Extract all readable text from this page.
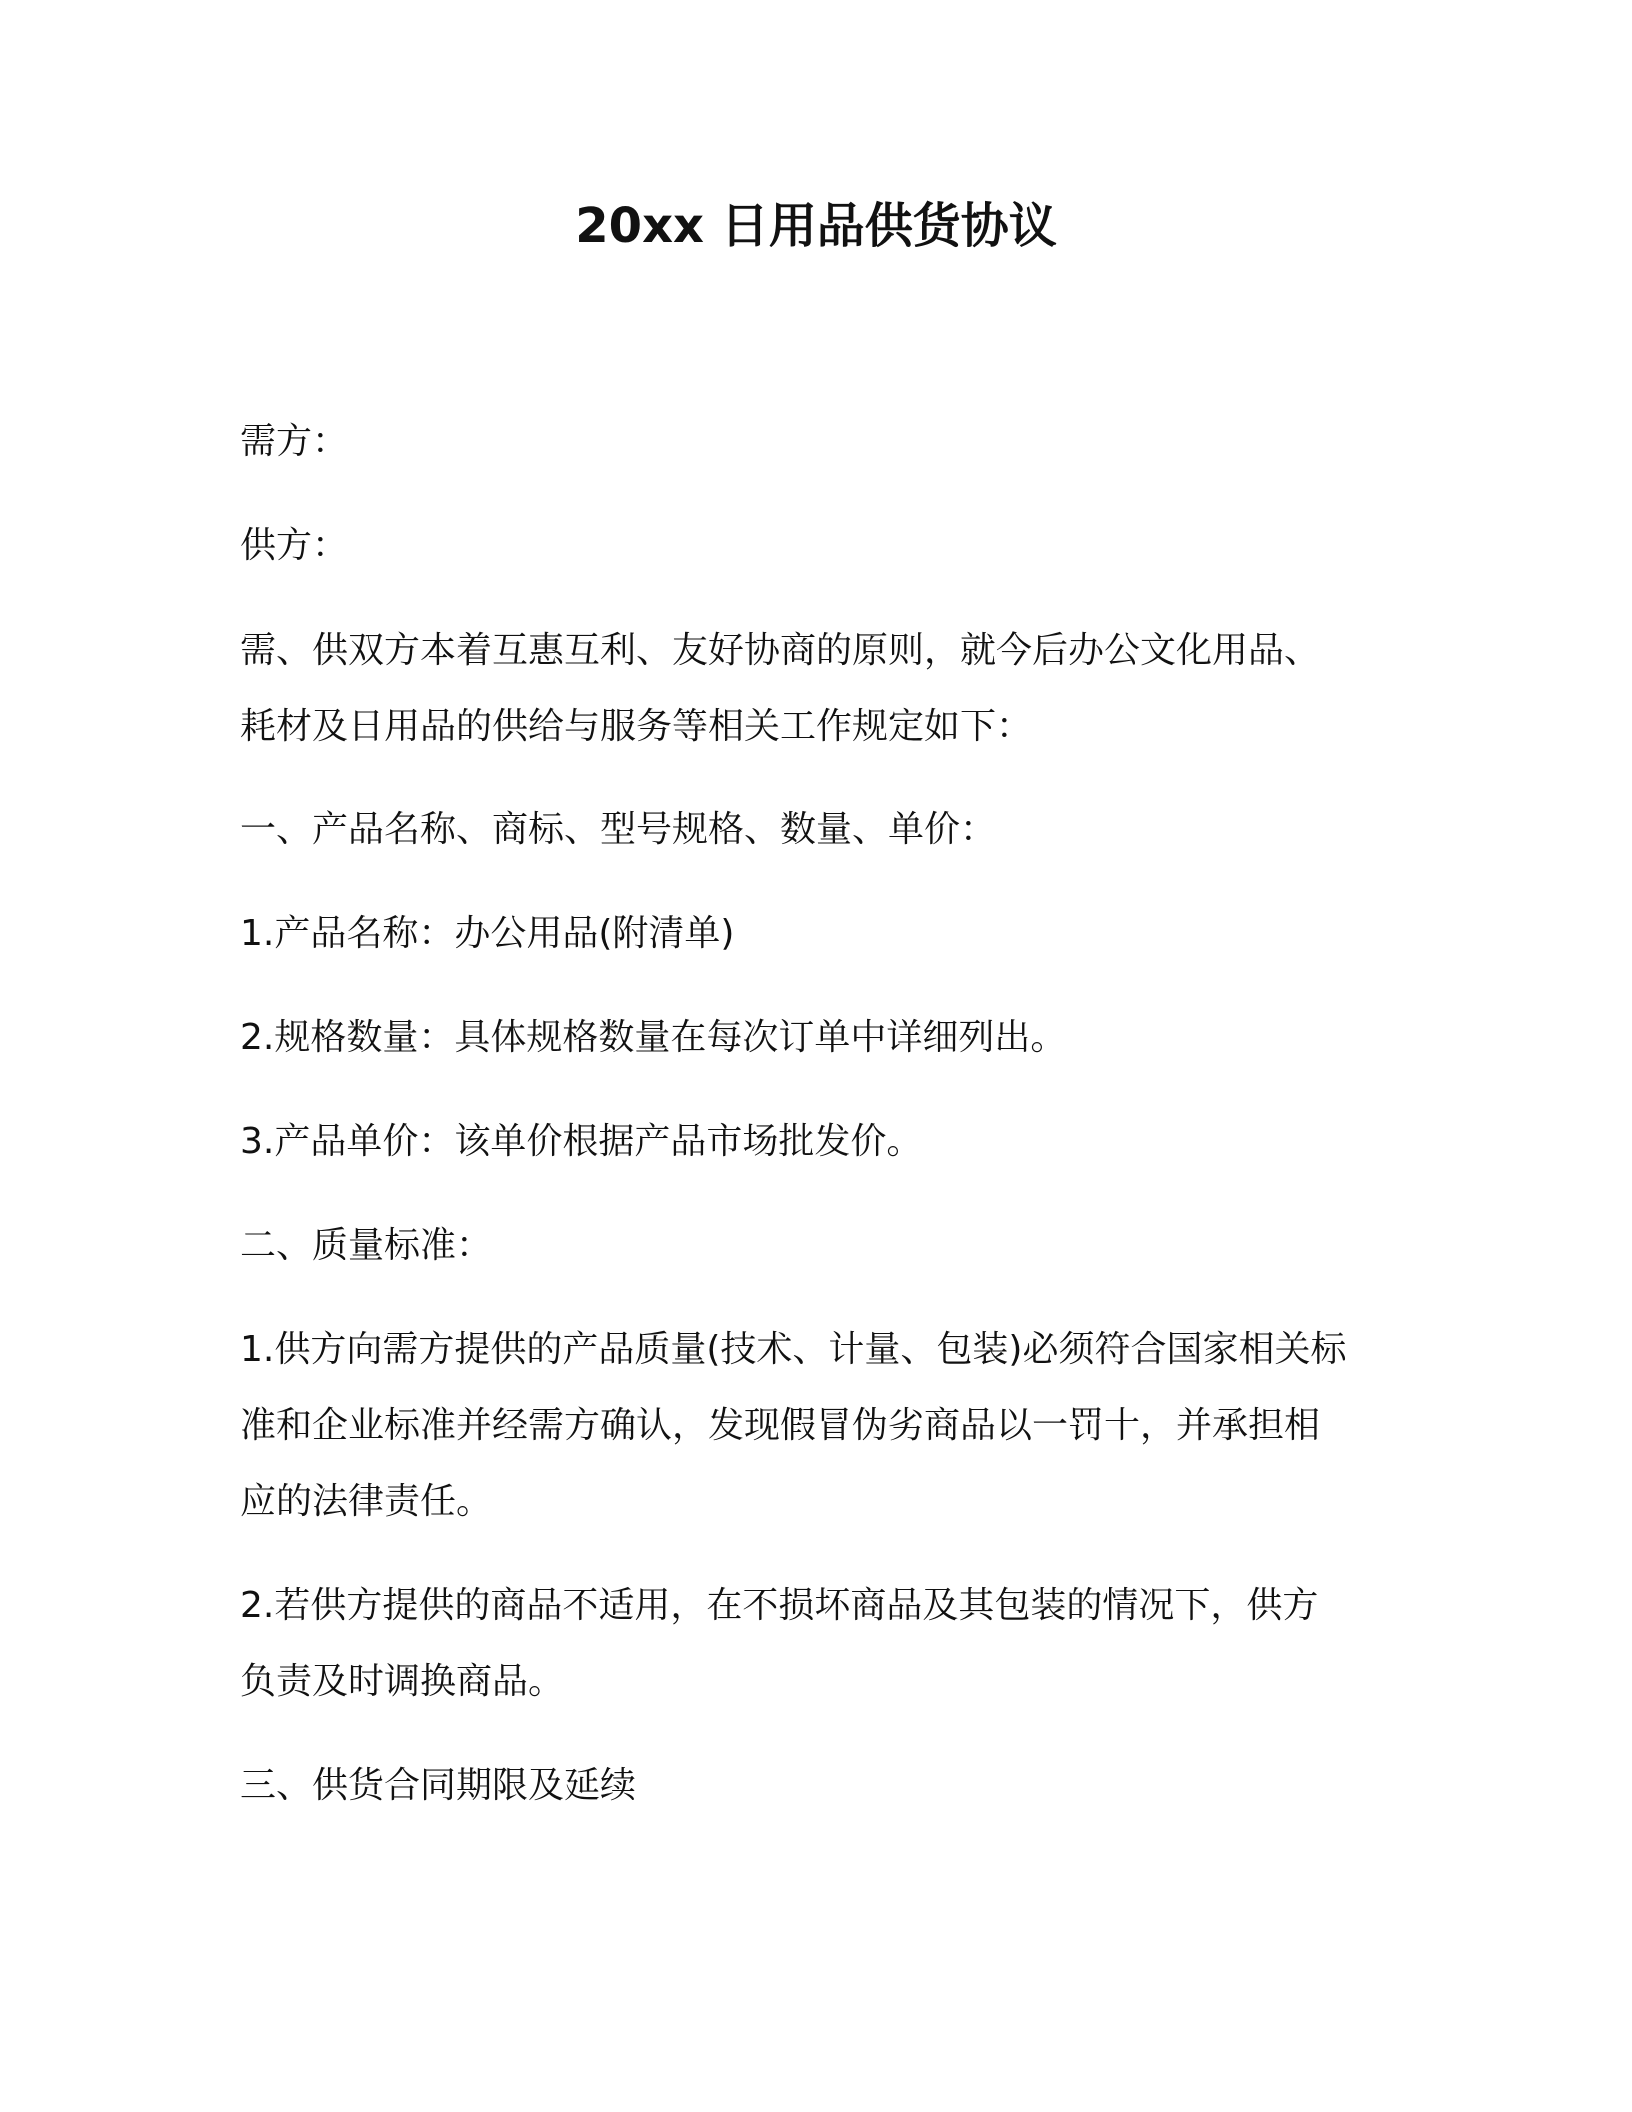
20xx 日用品供货协议
需方：
供方：
需、供双方本着互惠互利、友好协商的原则，就今后办公文化用品、
耗材及日用品的供给与服务等相关工作规定如下：
一、产品名称、商标、型号规格、数量、单价：
1.产品名称：办公用品(附清单)
2.规格数量：具体规格数量在每次订单中详细列出。
3.产品单价：该单价根据产品市场批发价。
二、质量标准：
1.供方向需方提供的产品质量(技术、计量、包装)必须符合国家相关标
准和企业标准并经需方确认，发现假冒伪劣商品以一罚十，并承担相
应的法律责任。
2.若供方提供的商品不适用，在不损坏商品及其包装的情况下，供方
负责及时调换商品。
三、供货合同期限及延续
